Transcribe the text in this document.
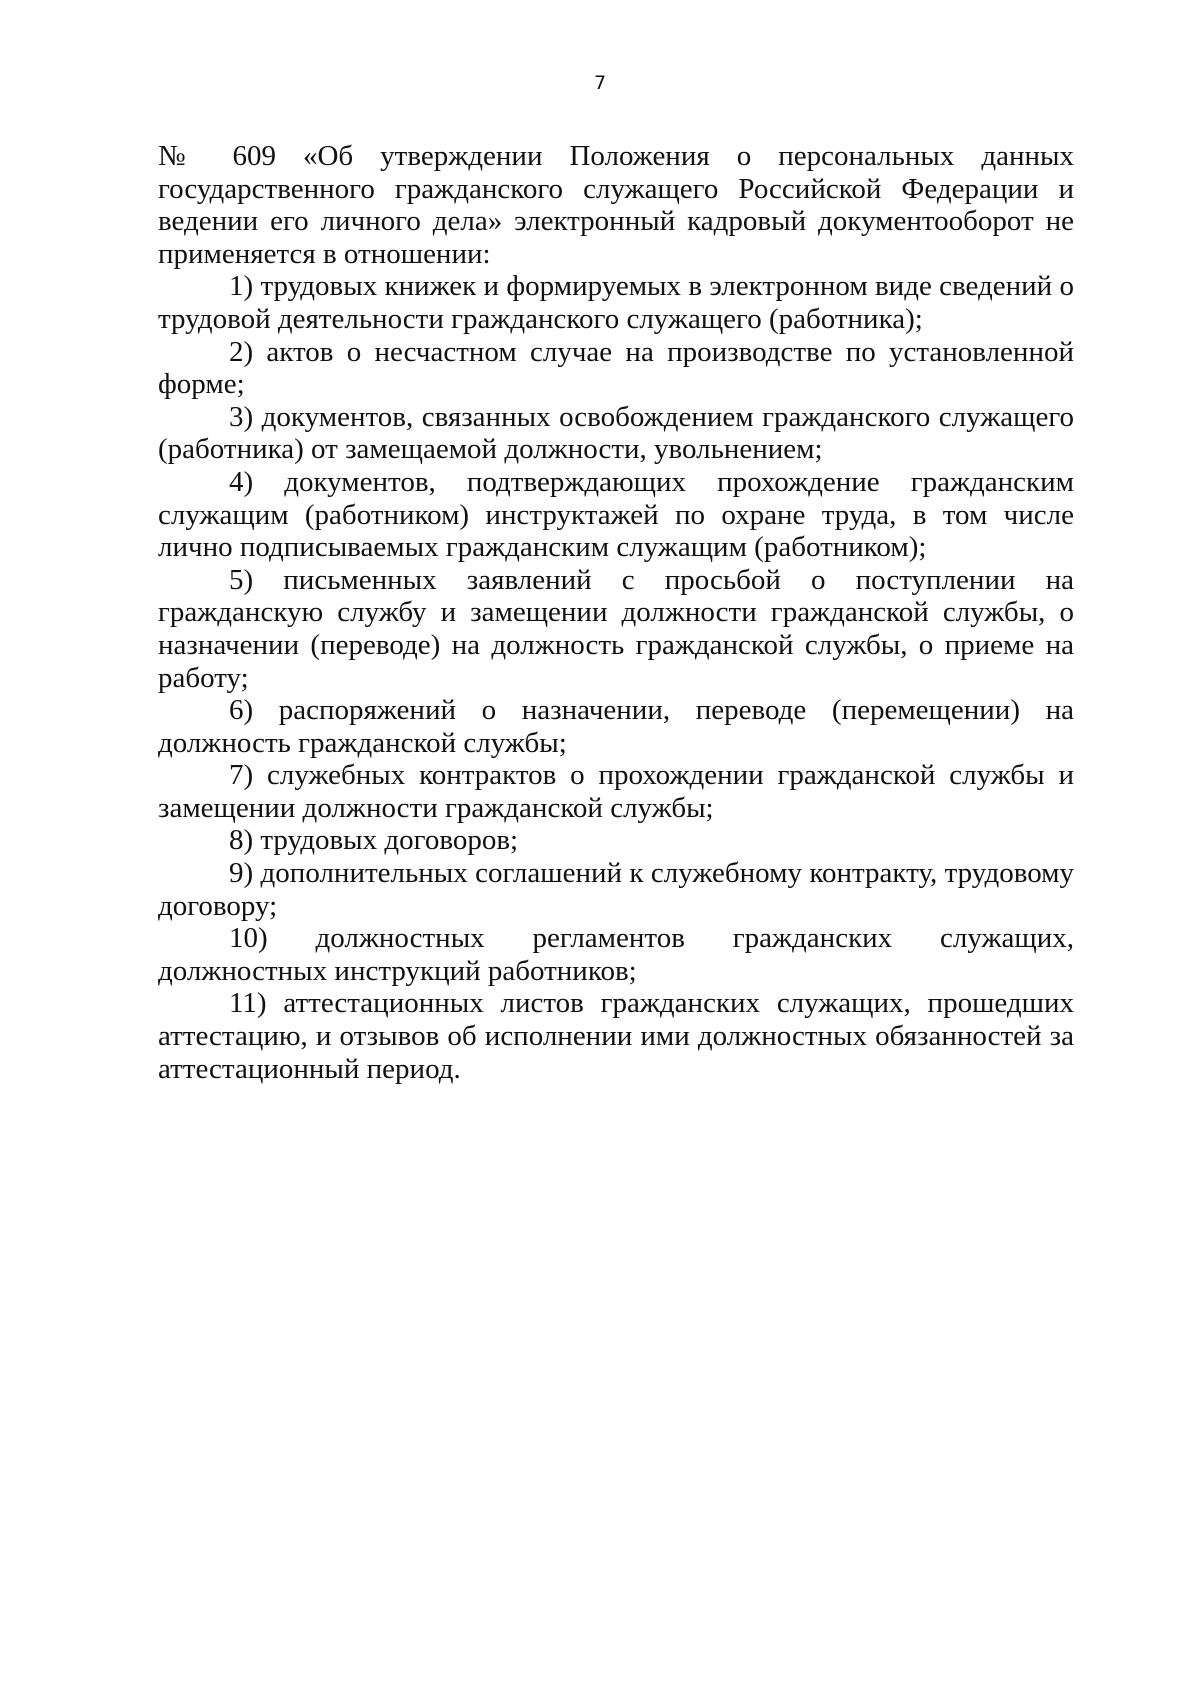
7

№ 609 «Об утверждении Положения о персональных данных государственного гражданского служащего Российской Федерации и ведении его личного дела» электронный кадровый документооборот не применяется в отношении:

1) трудовых книжек и формируемых в электронном виде сведений о трудовой деятельности гражданского служащего (работника);

2) актов о несчастном случае на производстве по установленной форме;

3) документов, связанных освобождением гражданского служащего (работника) от замещаемой должности, увольнением;

4) документов, подтверждающих прохождение гражданским служащим (работником) инструктажей по охране труда, в том числе лично подписываемых гражданским служащим (работником);

5) письменных заявлений с просьбой о поступлении на гражданскую службу и замещении должности гражданской службы, о назначении (переводе) на должность гражданской службы, о приеме на работу;

6) распоряжений о назначении, переводе (перемещении) на должность гражданской службы;

7) служебных контрактов о прохождении гражданской службы и замещении должности гражданской службы;

8) трудовых договоров;

9) дополнительных соглашений к служебному контракту, трудовому договору;

10) должностных регламентов гражданских служащих, должностных инструкций работников;

11) аттестационных листов гражданских служащих, прошедших аттестацию, и отзывов об исполнении ими должностных обязанностей за аттестационный период.
